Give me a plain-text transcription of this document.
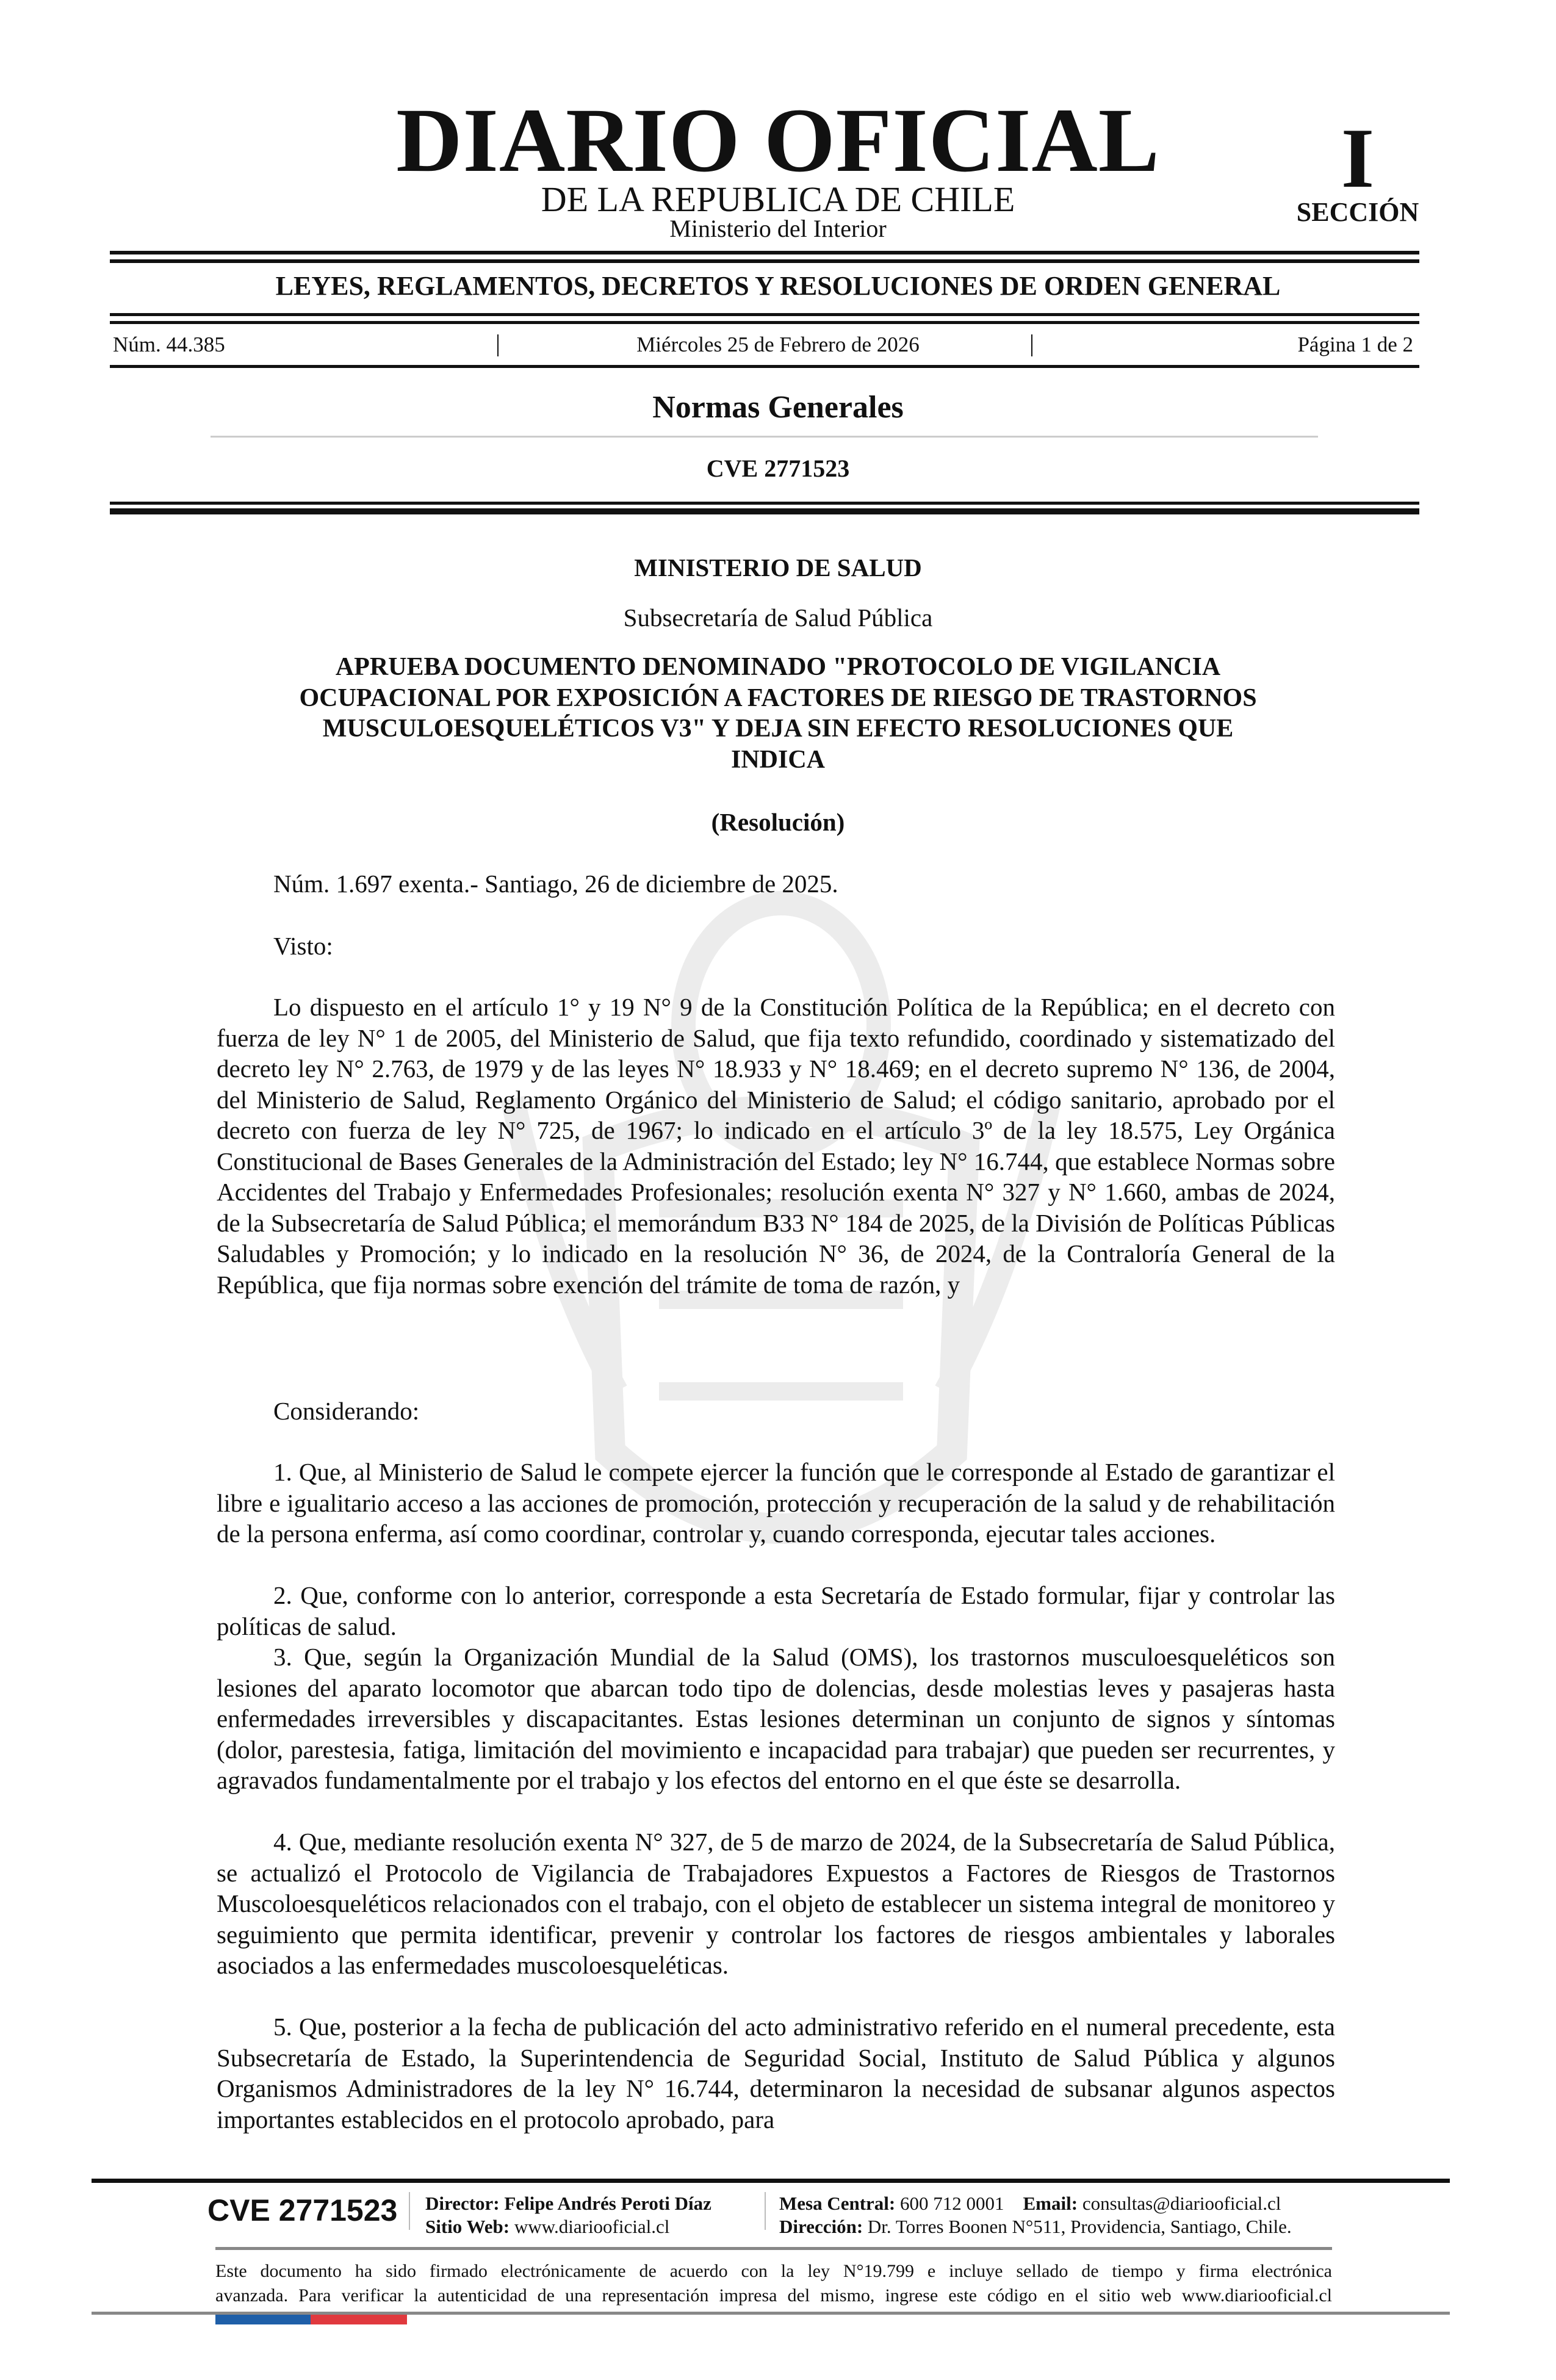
DIARIO OFICIAL
DE LA REPUBLICA DE CHILE
Ministerio del Interior
I
SECCIÓN
LEYES, REGLAMENTOS, DECRETOS Y RESOLUCIONES DE ORDEN GENERAL
Núm. 44.385	Miércoles 25 de Febrero de 2026	Página 1 de 2
Normas Generales
CVE 2771523
MINISTERIO DE SALUD
Subsecretaría de Salud Pública
APRUEBA DOCUMENTO DENOMINADO "PROTOCOLO DE VIGILANCIA
OCUPACIONAL POR EXPOSICIÓN A FACTORES DE RIESGO DE TRASTORNOS
MUSCULOESQUELÉTICOS V3" Y DEJA SIN EFECTO RESOLUCIONES QUE
INDICA
(Resolución)
Núm. 1.697 exenta.- Santiago, 26 de diciembre de 2025.
Visto:
Lo dispuesto en el artículo 1° y 19 N° 9 de la Constitución Política de la República; en el decreto con fuerza de ley N° 1 de 2005, del Ministerio de Salud, que fija texto refundido, coordinado y sistematizado del decreto ley N° 2.763, de 1979 y de las leyes N° 18.933 y N° 18.469; en el decreto supremo N° 136, de 2004, del Ministerio de Salud, Reglamento Orgánico del Ministerio de Salud; el código sanitario, aprobado por el decreto con fuerza de ley N° 725, de 1967; lo indicado en el artículo 3º de la ley 18.575, Ley Orgánica Constitucional de Bases Generales de la Administración del Estado; ley N° 16.744, que establece Normas sobre Accidentes del Trabajo y Enfermedades Profesionales; resolución exenta N° 327 y N° 1.660, ambas de 2024, de la Subsecretaría de Salud Pública; el memorándum B33 N° 184 de 2025, de la División de Políticas Públicas Saludables y Promoción; y lo indicado en la resolución N° 36, de 2024, de la Contraloría General de la República, que fija normas sobre exención del trámite de toma de razón, y
Considerando:
1. Que, al Ministerio de Salud le compete ejercer la función que le corresponde al Estado de garantizar el libre e igualitario acceso a las acciones de promoción, protección y recuperación de la salud y de rehabilitación de la persona enferma, así como coordinar, controlar y, cuando corresponda, ejecutar tales acciones.
2. Que, conforme con lo anterior, corresponde a esta Secretaría de Estado formular, fijar y controlar las políticas de salud.
3. Que, según la Organización Mundial de la Salud (OMS), los trastornos musculoesqueléticos son lesiones del aparato locomotor que abarcan todo tipo de dolencias, desde molestias leves y pasajeras hasta enfermedades irreversibles y discapacitantes. Estas lesiones determinan un conjunto de signos y síntomas (dolor, parestesia, fatiga, limitación del movimiento e incapacidad para trabajar) que pueden ser recurrentes, y agravados fundamentalmente por el trabajo y los efectos del entorno en el que éste se desarrolla.
4. Que, mediante resolución exenta N° 327, de 5 de marzo de 2024, de la Subsecretaría de Salud Pública, se actualizó el Protocolo de Vigilancia de Trabajadores Expuestos a Factores de Riesgos de Trastornos Muscoloesqueléticos relacionados con el trabajo, con el objeto de establecer un sistema integral de monitoreo y seguimiento que permita identificar, prevenir y controlar los factores de riesgos ambientales y laborales asociados a las enfermedades muscoloesqueléticas.
5. Que, posterior a la fecha de publicación del acto administrativo referido en el numeral precedente, esta Subsecretaría de Estado, la Superintendencia de Seguridad Social, Instituto de Salud Pública y algunos Organismos Administradores de la ley N° 16.744, determinaron la necesidad de subsanar algunos aspectos importantes establecidos en el protocolo aprobado, para
CVE 2771523 Director: Felipe Andrés Peroti Díaz
Sitio Web: www.diariooficial.cl
Mesa Central: 600 712 0001 Email: consultas@diariooficial.cl
Dirección: Dr. Torres Boonen N°511, Providencia, Santiago, Chile.
Este documento ha sido firmado electrónicamente de acuerdo con la ley N°19.799 e incluye sellado de tiempo y firma electrónica
avanzada. Para verificar la autenticidad de una representación impresa del mismo, ingrese este código en el sitio web www.diariooficial.cl
